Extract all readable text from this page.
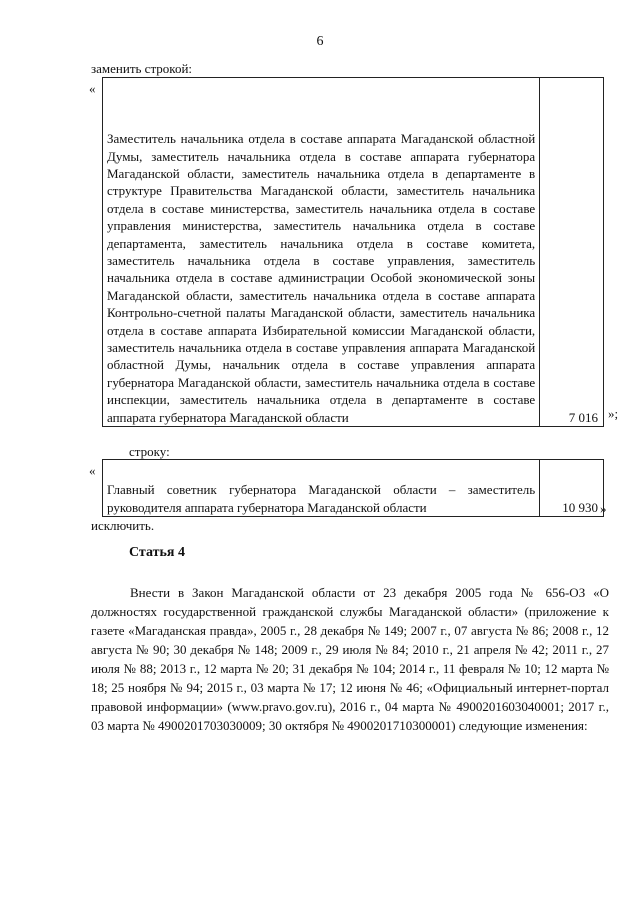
6
заменить строкой:
«
Заместитель начальника отдела в составе аппарата Магаданской областной Думы, заместитель начальника отдела в составе аппарата губернатора Магаданской области, заместитель начальника отдела в департаменте в структуре Правительства Магаданской области, заместитель начальника отдела в составе министерства, заместитель начальника отдела в составе управления министерства, заместитель начальника отдела в составе департамента, заместитель начальника отдела в составе комитета, заместитель начальника отдела в составе управления, заместитель начальника отдела в составе администрации Особой экономической зоны Магаданской области, заместитель начальника отдела в составе аппарата Контрольно-счетной палаты Магаданской области, заместитель начальника отдела в составе аппарата Избирательной комиссии Магаданской области, заместитель начальника отдела в составе управления аппарата Магаданской областной Думы, начальник отдела в составе управления аппарата губернатора Магаданской области, заместитель начальника отдела в составе инспекции, заместитель начальника отдела в департаменте в составе аппарата губернатора Магаданской области	7 016 »;
строку:
«
Главный советник губернатора Магаданской области – заместитель руководителя аппарата губернатора Магаданской области	10 930 »
исключить.
Статья 4

Внести в Закон Магаданской области от 23 декабря 2005 года № 656-ОЗ «О должностях государственной гражданской службы Магаданской области» (приложение к газете «Магаданская правда», 2005 г., 28 декабря № 149; 2007 г., 07 августа № 86; 2008 г., 12 августа № 90; 30 декабря № 148; 2009 г., 29 июля № 84; 2010 г., 21 апреля № 42; 2011 г., 27 июля № 88; 2013 г., 12 марта № 20; 31 декабря № 104; 2014 г., 11 февраля № 10; 12 марта № 18; 25 ноября № 94; 2015 г., 03 марта № 17; 12 июня № 46; «Официальный интернет-портал правовой информации» (www.pravo.gov.ru), 2016 г., 04 марта № 4900201603040001; 2017 г., 03 марта № 4900201703030009; 30 октября № 4900201710300001) следующие изменения:
